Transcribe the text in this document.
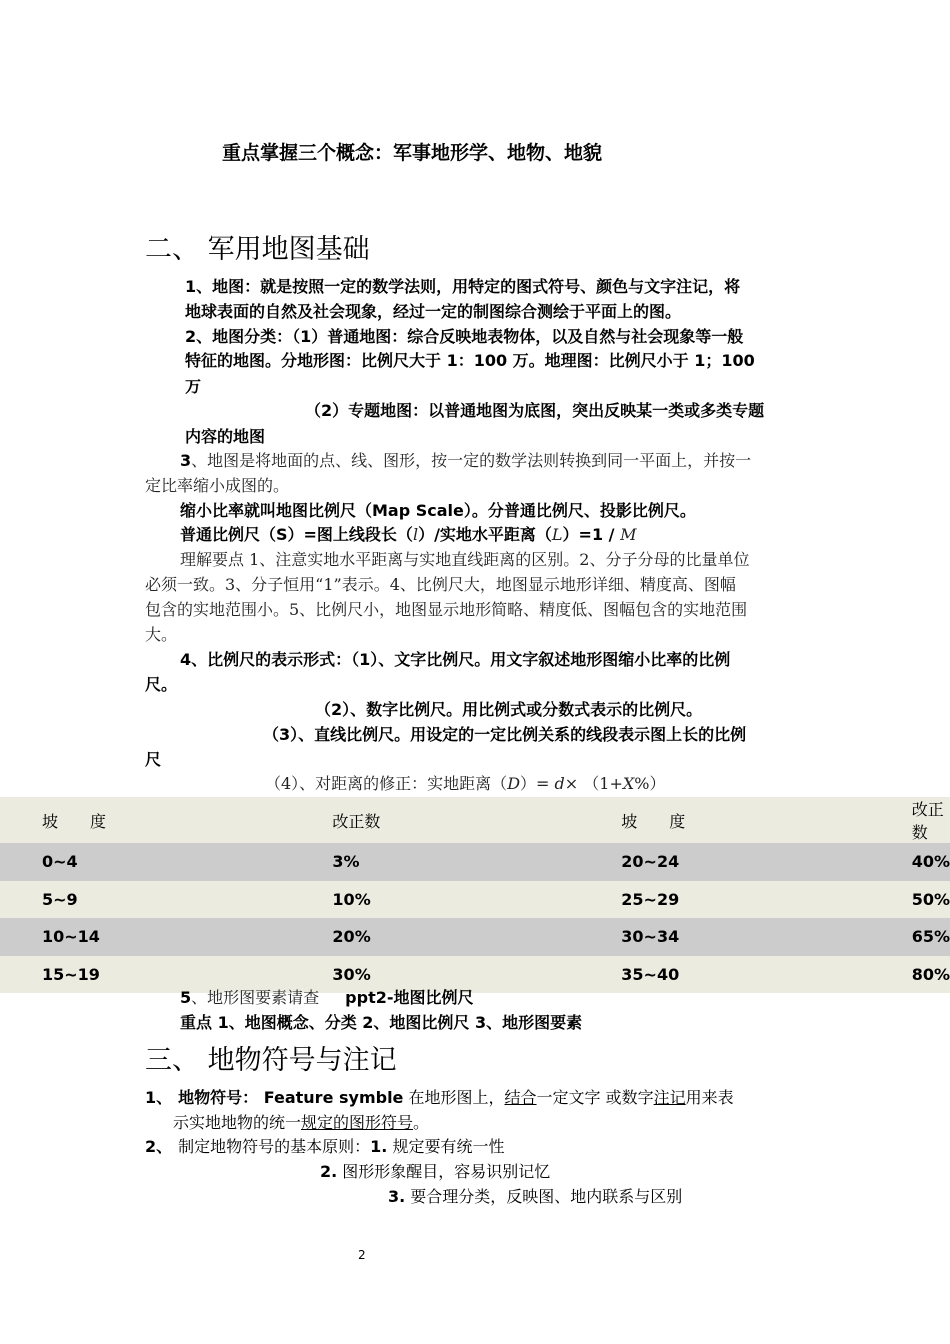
重点掌握三个概念：军事地形学、地物、地貌
二、 军用地图基础
1、地图：就是按照一定的数学法则，用特定的图式符号、颜色与文字注记，将
地球表面的自然及社会现象，经过一定的制图综合测绘于平面上的图。
2、地图分类：（1）普通地图：综合反映地表物体，以及自然与社会现象等一般
特征的地图。分地形图：比例尺大于 1：100 万。地理图：比例尺小于 1；100
万
（2）专题地图：以普通地图为底图，突出反映某一类或多类专题
内容的地图
3、地图是将地面的点、线、图形，按一定的数学法则转换到同一平面上，并按一
定比率缩小成图的。
缩小比率就叫地图比例尺（Map Scale）。分普通比例尺、投影比例尺。
普通比例尺（S）=图上线段长（l）/实地水平距离（L）=1 / M
理解要点 1、注意实地水平距离与实地直线距离的区别。2、分子分母的比量单位
必须一致。3、分子恒用“1”表示。4、比例尺大，地图显示地形详细、精度高、图幅
包含的实地范围小。5、比例尺小，地图显示地形简略、精度低、图幅包含的实地范围
大。
4、比例尺的表示形式：（1）、文字比例尺。用文字叙述地形图缩小比率的比例
尺。
（2）、数字比例尺。用比例式或分数式表示的比例尺。
（3）、直线比例尺。用设定的一定比例关系的线段表示图上长的比例
尺
（4）、对距离的修正：实地距离（D）= d× （1+X%）
坡　　度	改正数	坡　　度	改正数
0~4	3%	20~24	40%
5~9	10%	25~29	50%
10~14	20%	30~34	65%
15~19	30%	35~40	80%
5、地形图要素请查 ppt2-地图比例尺
重点 1、地图概念、分类 2、地图比例尺 3、地形图要素
三、 地物符号与注记
1、 地物符号： Feature symble 在地形图上，结合一定文字 或数字注记用来表
示实地地物的统一规定的图形符号。
2、 制定地物符号的基本原则：1. 规定要有统一性
2. 图形形象醒目，容易识别记忆
3. 要合理分类，反映图、地内联系与区别
2
